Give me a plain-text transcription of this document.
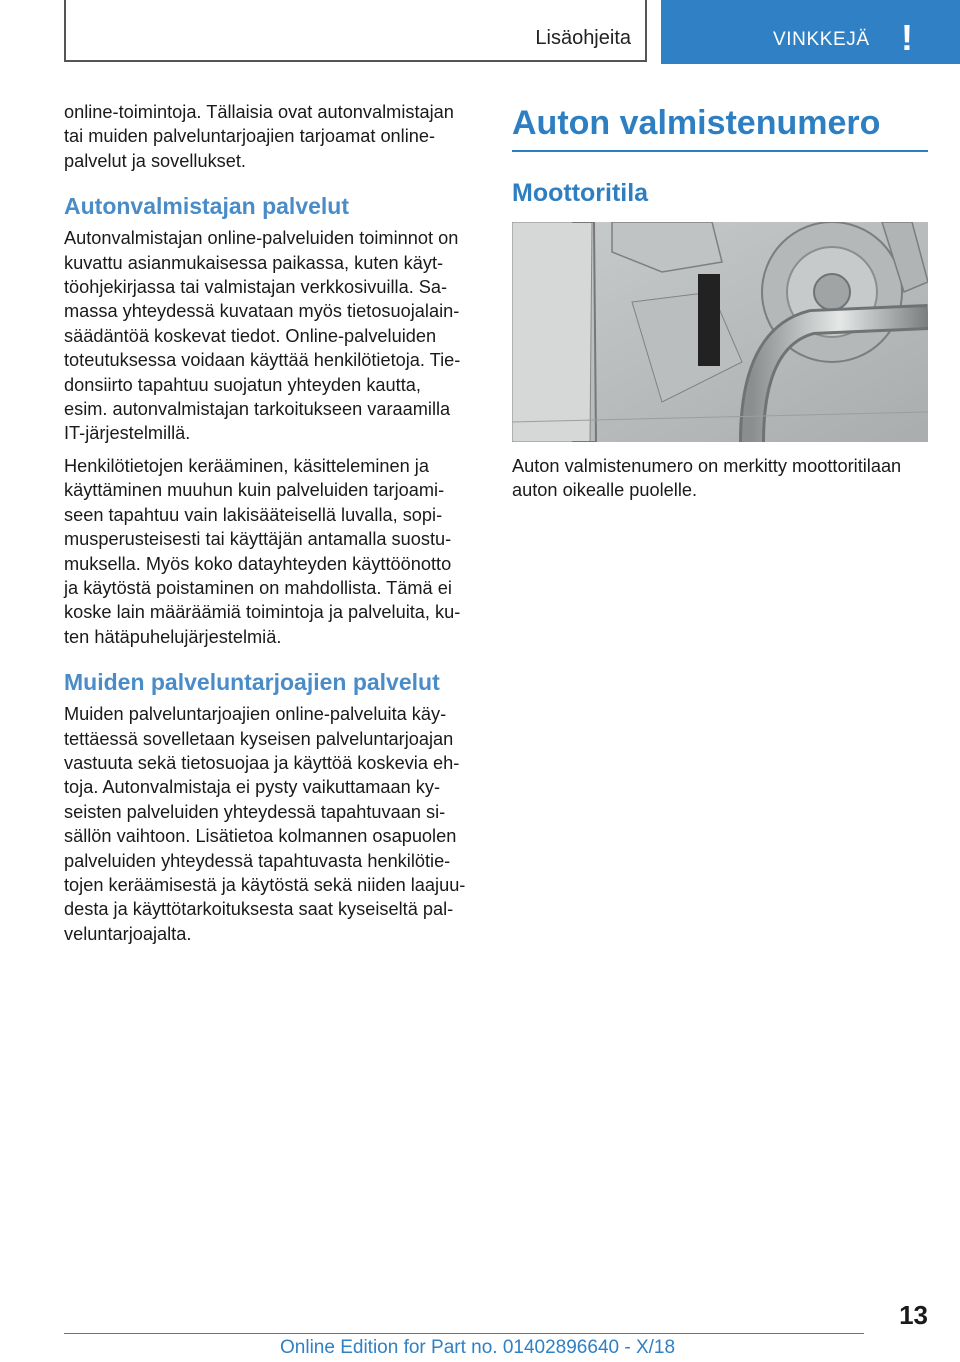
Lisäohjeita	VINKKEJÄ !

online-toimintoja. Tällaisia ovat autonvalmistajan
tai muiden palveluntarjoajien tarjoamat online-
palvelut ja sovellukset.

Autonvalmistajan palvelut

Autonvalmistajan online-palveluiden toiminnot on
kuvattu asianmukaisessa paikassa, kuten käyt‐
töohjekirjassa tai valmistajan verkkosivuilla. Sa‐
massa yhteydessä kuvataan myös tietosuojalain‐
säädäntöä koskevat tiedot. Online-palveluiden
toteutuksessa voidaan käyttää henkilötietoja. Tie‐
donsiirto tapahtuu suojatun yhteyden kautta,
esim. autonvalmistajan tarkoitukseen varaamilla
IT-järjestelmillä.

Henkilötietojen kerääminen, käsitteleminen ja
käyttäminen muuhun kuin palveluiden tarjoami‐
seen tapahtuu vain lakisääteisellä luvalla, sopi‐
musperusteisesti tai käyttäjän antamalla suostu‐
muksella. Myös koko datayhteyden käyttöönotto
ja käytöstä poistaminen on mahdollista. Tämä ei
koske lain määräämiä toimintoja ja palveluita, ku‐
ten hätäpuhelujärjestelmiä.

Muiden palveluntarjoajien palvelut

Muiden palveluntarjoajien online-palveluita käy‐
tettäessä sovelletaan kyseisen palveluntarjoajan
vastuuta sekä tietosuojaa ja käyttöä koskevia eh‐
toja. Autonvalmistaja ei pysty vaikuttamaan ky‐
seisten palveluiden yhteydessä tapahtuvaan si‐
sällön vaihtoon. Lisätietoa kolmannen osapuolen
palveluiden yhteydessä tapahtuvasta henkilötie‐
tojen keräämisestä ja käytöstä sekä niiden laajuu‐
desta ja käyttötarkoituksesta saat kyseiseltä pal‐
veluntarjoajalta.

Auton valmistenumero
Moottoritila

Auton valmistenumero on merkitty moottoritilaan
auton oikealle puolelle.

13
Online Edition for Part no. 01402896640 - X/18
